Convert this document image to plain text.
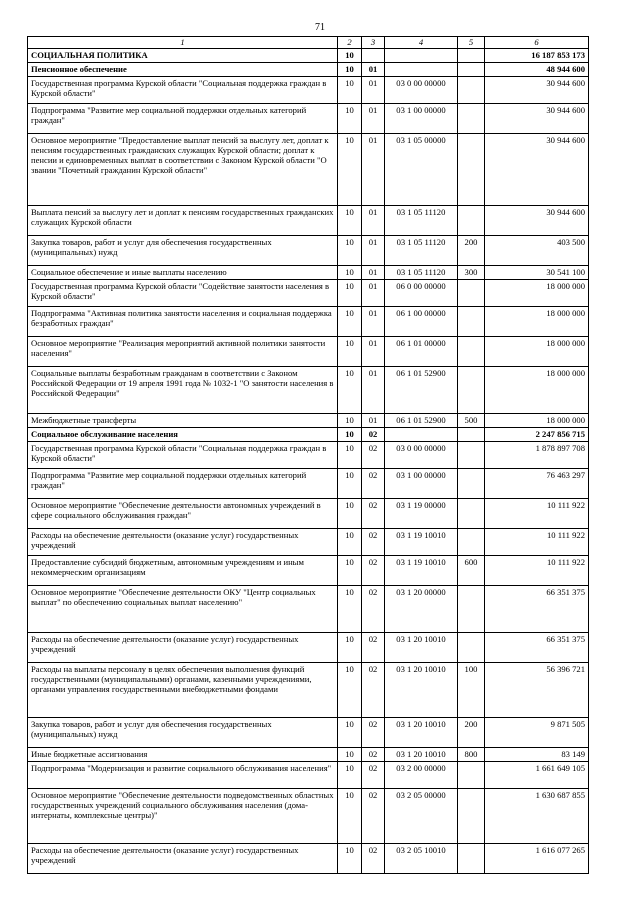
71
1	2	3	4	5	6
СОЦИАЛЬНАЯ ПОЛИТИКА	10				16 187 853 173
Пенсионное обеспечение	10	01			48 944 600
Государственная программа Курской области "Социальная поддержка граждан в Курской области"	10	01	03 0 00 00000		30 944 600
Подпрограмма "Развитие мер социальной поддержки отдельных категорий граждан"	10	01	03 1 00 00000		30 944 600
Основное мероприятие "Предоставление выплат пенсий за выслугу лет, доплат к пенсиям государственных гражданских служащих Курской области; доплат к пенсии и единовременных выплат в соответствии с Законом Курской области "О звании "Почетный гражданин Курской области"	10	01	03 1 05 00000		30 944 600
Выплата пенсий за выслугу лет и доплат к пенсиям государственных гражданских служащих Курской области	10	01	03 1 05 11120		30 944 600
Закупка товаров, работ и услуг для обеспечения государственных (муниципальных) нужд	10	01	03 1 05 11120	200	403 500
Социальное обеспечение и иные выплаты населению	10	01	03 1 05 11120	300	30 541 100
Государственная программа Курской области "Содействие занятости населения в Курской области"	10	01	06 0 00 00000		18 000 000
Подпрограмма "Активная политика занятости населения и социальная поддержка безработных граждан"	10	01	06 1 00 00000		18 000 000
Основное мероприятие "Реализация мероприятий активной политики занятости населения"	10	01	06 1 01 00000		18 000 000
Социальные выплаты безработным гражданам в соответствии с Законом Российской Федерации от 19 апреля 1991 года № 1032-1 "О занятости населения в Российской Федерации"	10	01	06 1 01 52900		18 000 000
Межбюджетные трансферты	10	01	06 1 01 52900	500	18 000 000
Социальное обслуживание населения	10	02			2 247 856 715
Государственная программа Курской области "Социальная поддержка граждан в Курской области"	10	02	03 0 00 00000		1 878 897 708
Подпрограмма "Развитие мер социальной поддержки отдельных категорий граждан"	10	02	03 1 00 00000		76 463 297
Основное мероприятие "Обеспечение деятельности автономных учреждений в сфере социального обслуживания граждан"	10	02	03 1 19 00000		10 111 922
Расходы на обеспечение деятельности (оказание услуг) государственных учреждений	10	02	03 1 19 10010		10 111 922
Предоставление субсидий бюджетным, автономным учреждениям и иным некоммерческим организациям	10	02	03 1 19 10010	600	10 111 922
Основное мероприятие "Обеспечение деятельности ОКУ "Центр социальных выплат" по обеспечению социальных выплат населению"	10	02	03 1 20 00000		66 351 375
Расходы на обеспечение деятельности (оказание услуг) государственных учреждений	10	02	03 1 20 10010		66 351 375
Расходы на выплаты персоналу в целях обеспечения выполнения функций государственными (муниципальными) органами, казенными учреждениями, органами управления государственными внебюджетными фондами	10	02	03 1 20 10010	100	56 396 721
Закупка товаров, работ и услуг для обеспечения государственных (муниципальных) нужд	10	02	03 1 20 10010	200	9 871 505
Иные бюджетные ассигнования	10	02	03 1 20 10010	800	83 149
Подпрограмма "Модернизация и развитие социального обслуживания населения"	10	02	03 2 00 00000		1 661 649 105
Основное мероприятие "Обеспечение деятельности подведомственных областных государственных учреждений социального обслуживания населения (дома-интернаты, комплексные центры)"	10	02	03 2 05 00000		1 630 687 855
Расходы на обеспечение деятельности (оказание услуг) государственных учреждений	10	02	03 2 05 10010		1 616 077 265
